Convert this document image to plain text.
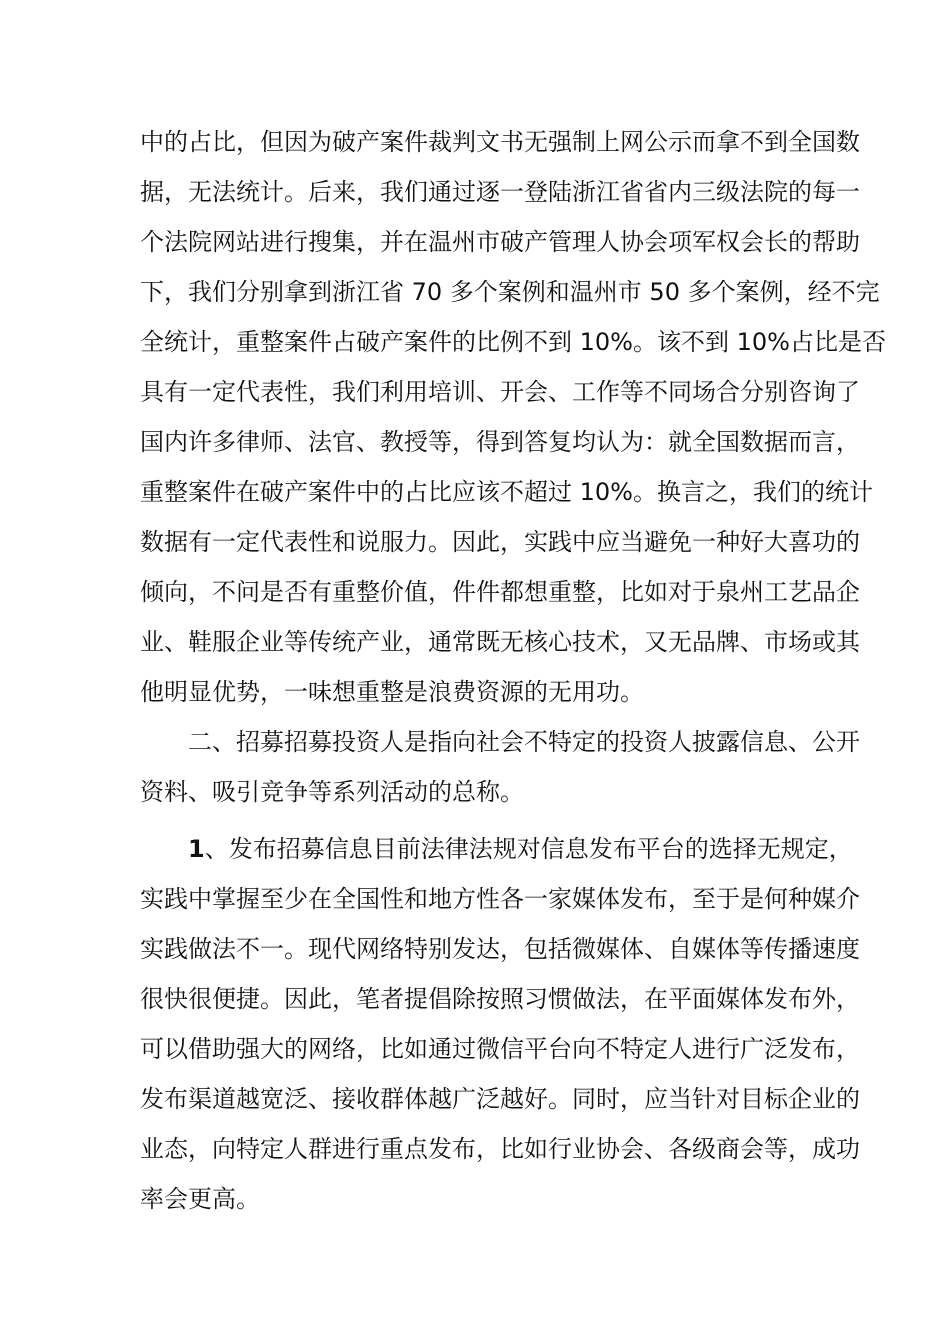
中的占比，但因为破产案件裁判文书无强制上网公示而拿不到全国数
据，无法统计。后来，我们通过逐一登陆浙江省省内三级法院的每一
个法院网站进行搜集，并在温州市破产管理人协会项军权会长的帮助
下，我们分别拿到浙江省 70 多个案例和温州市 50 多个案例，经不完
全统计，重整案件占破产案件的比例不到 10%。该不到 10%占比是否
具有一定代表性，我们利用培训、开会、工作等不同场合分别咨询了
国内许多律师、法官、教授等，得到答复均认为：就全国数据而言，
重整案件在破产案件中的占比应该不超过 10%。换言之，我们的统计
数据有一定代表性和说服力。因此，实践中应当避免一种好大喜功的
倾向，不问是否有重整价值，件件都想重整，比如对于泉州工艺品企
业、鞋服企业等传统产业，通常既无核心技术，又无品牌、市场或其
他明显优势，一味想重整是浪费资源的无用功。
二、招募招募投资人是指向社会不特定的投资人披露信息、公开
资料、吸引竞争等系列活动的总称。
1、发布招募信息目前法律法规对信息发布平台的选择无规定，
实践中掌握至少在全国性和地方性各一家媒体发布，至于是何种媒介
实践做法不一。现代网络特别发达，包括微媒体、自媒体等传播速度
很快很便捷。因此，笔者提倡除按照习惯做法，在平面媒体发布外，
可以借助强大的网络，比如通过微信平台向不特定人进行广泛发布，
发布渠道越宽泛、接收群体越广泛越好。同时，应当针对目标企业的
业态，向特定人群进行重点发布，比如行业协会、各级商会等，成功
率会更高。
